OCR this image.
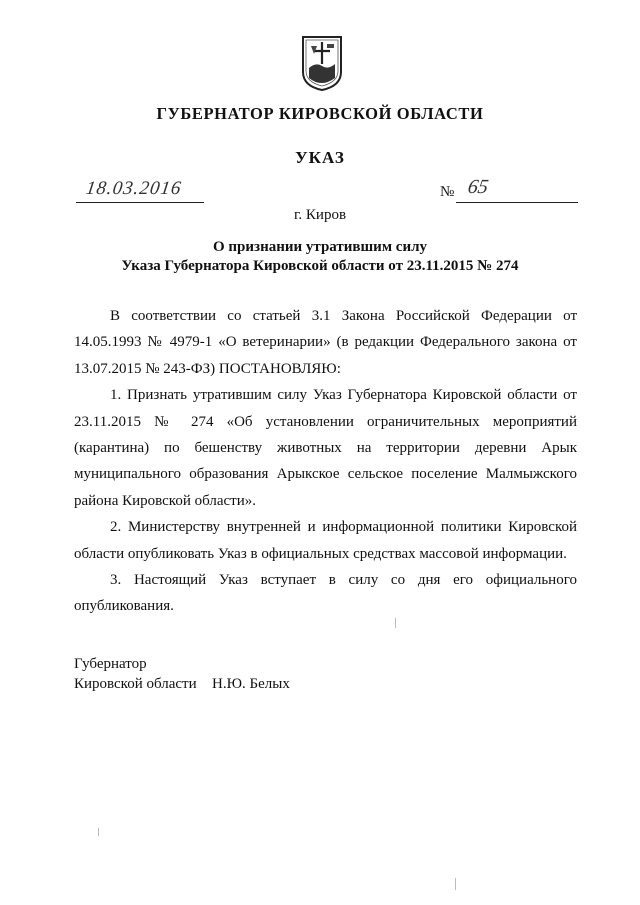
ГУБЕРНАТОР КИРОВСКОЙ ОБЛАСТИ
УКАЗ
18.03.2016	№ 65
г. Киров
О признании утратившим силу
Указа Губернатора Кировской области от 23.11.2015 № 274

В соответствии со статьей 3.1 Закона Российской Федерации от 14.05.1993 № 4979-1 «О ветеринарии» (в редакции Федерального закона от 13.07.2015 № 243-ФЗ) ПОСТАНОВЛЯЮ:

1. Признать утратившим силу Указ Губернатора Кировской области от 23.11.2015 № 274 «Об установлении ограничительных мероприятий (карантина) по бешенству животных на территории деревни Арык муниципального образования Арыкское сельское поселение Малмыжского района Кировской области».

2. Министерству внутренней и информационной политики Кировской области опубликовать Указ в официальных средствах массовой информации.

3. Настоящий Указ вступает в силу со дня его официального опубликования.

Губернатор
Кировской области Н.Ю. Белых
